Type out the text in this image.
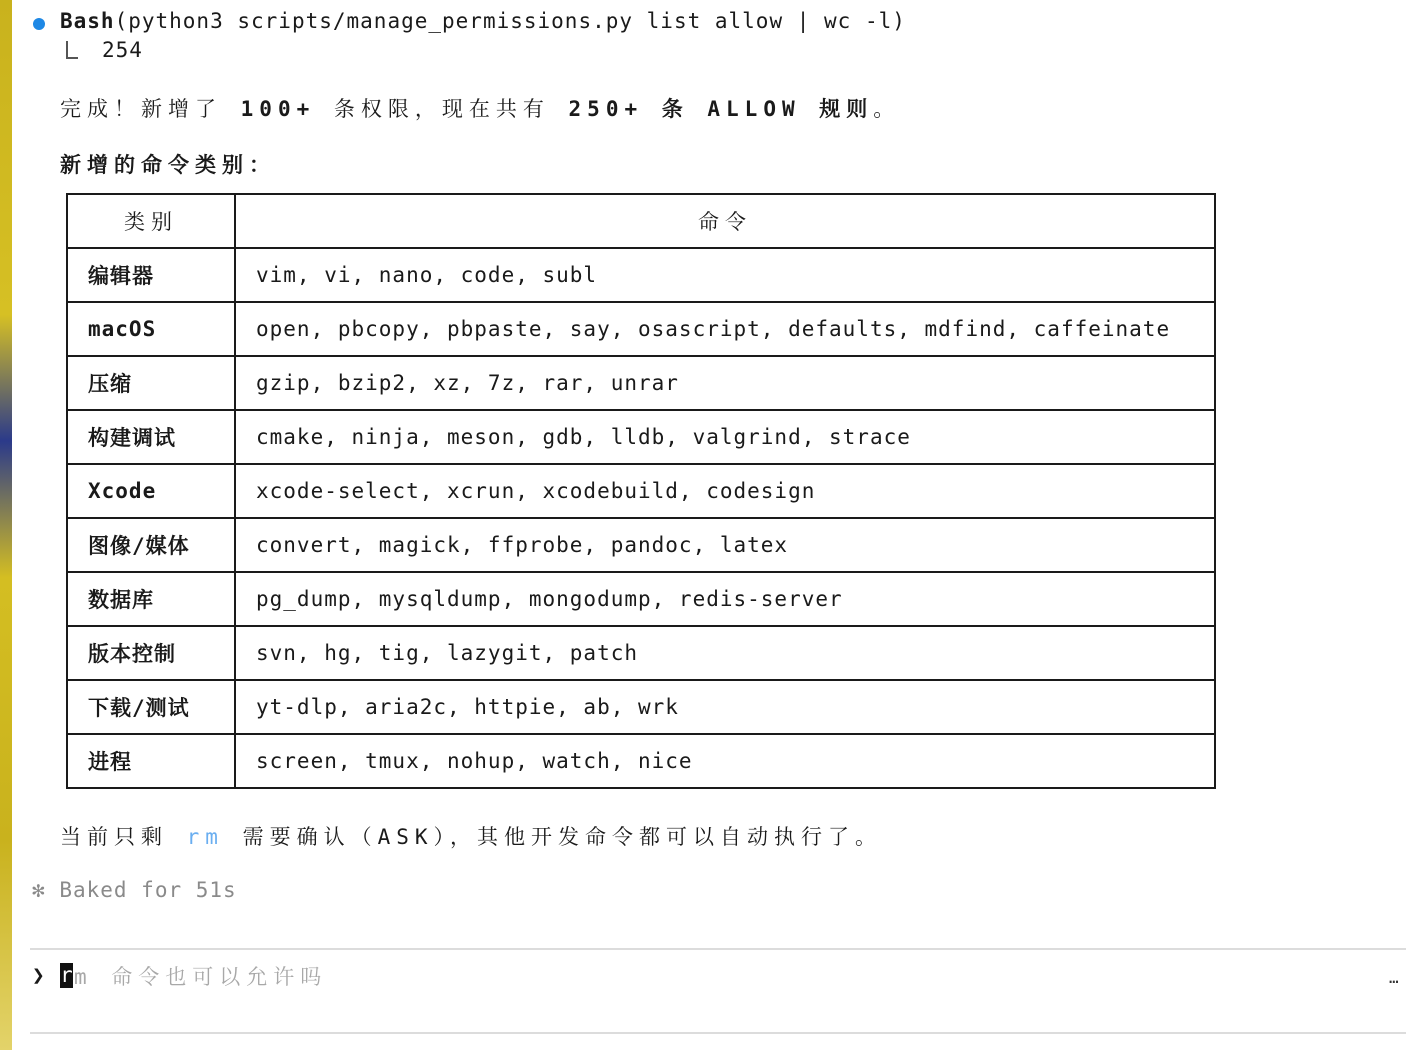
Bash(python3 scripts/manage_permissions.py list allow | wc -l)
254
完成！新增了 100+ 条权限，现在共有 250+ 条 ALLOW 规则。
新增的命令类别：
类别	命令
编辑器	vim, vi, nano, code, subl
macOS	open, pbcopy, pbpaste, say, osascript, defaults, mdfind, caffeinate
压缩	gzip, bzip2, xz, 7z, rar, unrar
构建调试	cmake, ninja, meson, gdb, lldb, valgrind, strace
Xcode	xcode-select, xcrun, xcodebuild, codesign
图像/媒体	convert, magick, ffprobe, pandoc, latex
数据库	pg_dump, mysqldump, mongodump, redis-server
版本控制	svn, hg, tig, lazygit, patch
下载/测试	yt-dlp, aria2c, httpie, ab, wrk
进程	screen, tmux, nohup, watch, nice
当前只剩 rm 需要确认（ASK），其他开发命令都可以自动执行了。
✻ Baked for 51s
❯ r m 命令也可以允许吗	…
